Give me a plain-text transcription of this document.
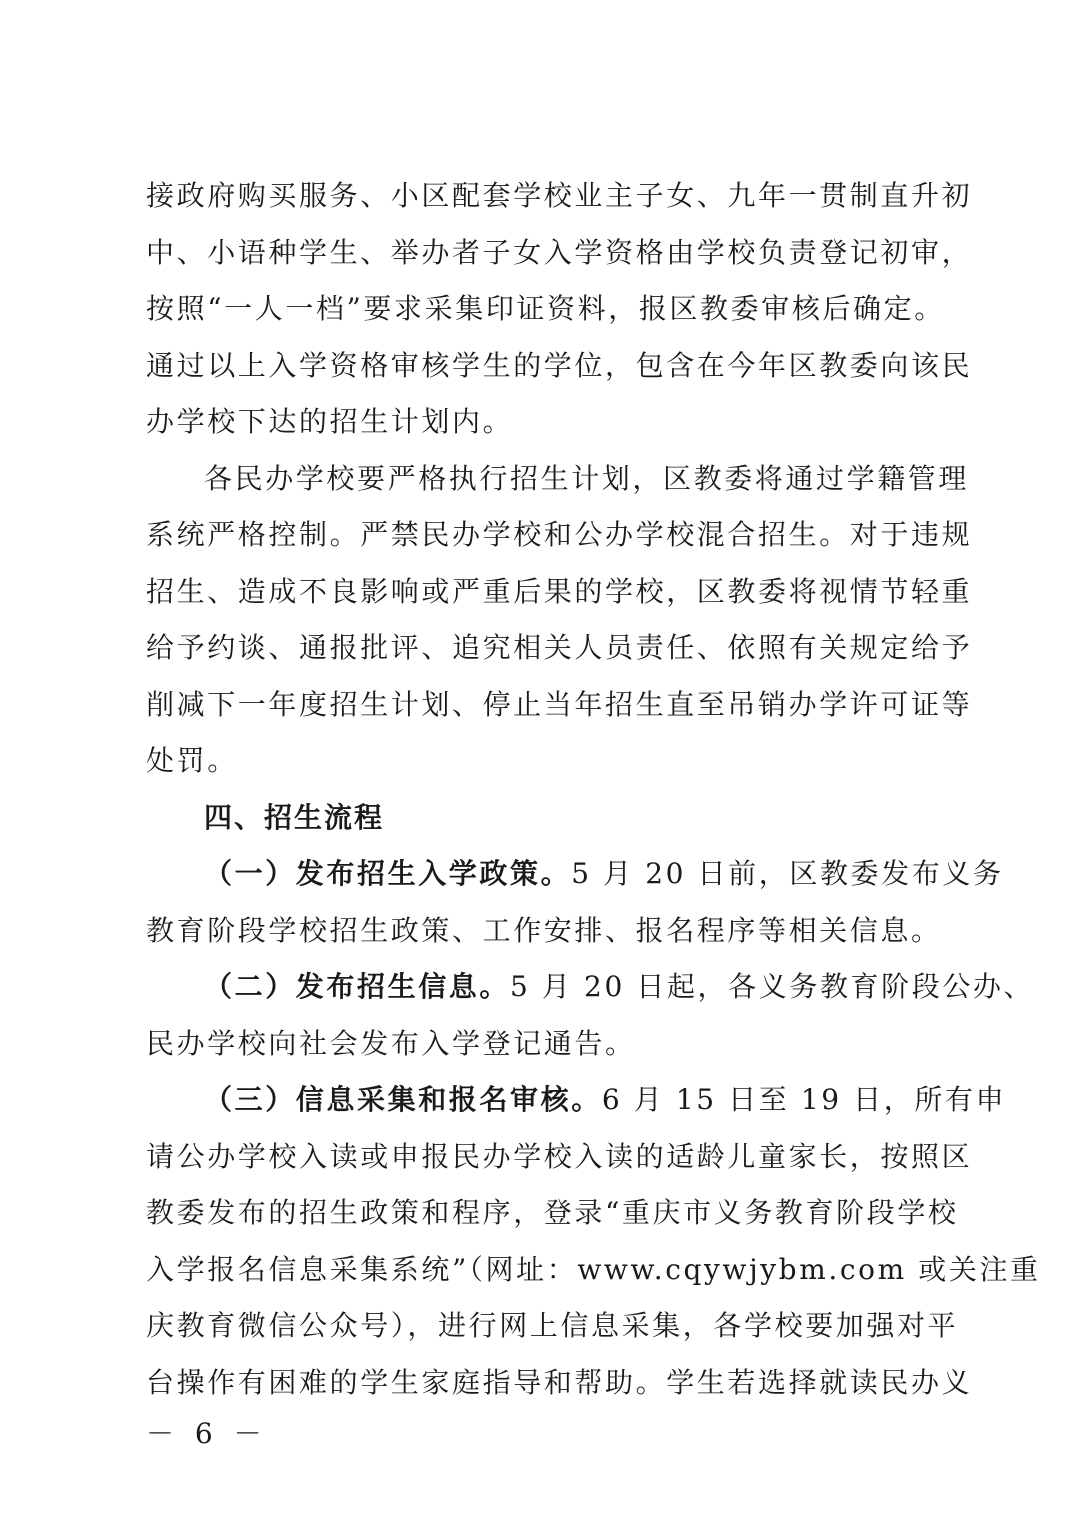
接政府购买服务、小区配套学校业主子女、九年一贯制直升初
中、小语种学生、举办者子女入学资格由学校负责登记初审，
按照“一人一档”要求采集印证资料，报区教委审核后确定。
通过以上入学资格审核学生的学位，包含在今年区教委向该民
办学校下达的招生计划内。

各民办学校要严格执行招生计划，区教委将通过学籍管理
系统严格控制。严禁民办学校和公办学校混合招生。对于违规
招生、造成不良影响或严重后果的学校，区教委将视情节轻重
给予约谈、通报批评、追究相关人员责任、依照有关规定给予
削减下一年度招生计划、停止当年招生直至吊销办学许可证等
处罚。

四、招生流程

（一）发布招生入学政策。5 月 20 日前，区教委发布义务
教育阶段学校招生政策、工作安排、报名程序等相关信息。

（二）发布招生信息。5 月 20 日起，各义务教育阶段公办、
民办学校向社会发布入学登记通告。

（三）信息采集和报名审核。6 月 15 日至 19 日，所有申
请公办学校入读或申报民办学校入读的适龄儿童家长，按照区
教委发布的招生政策和程序，登录“重庆市义务教育阶段学校
入学报名信息采集系统”（网址：www.cqywjybm.com 或关注重
庆教育微信公众号），进行网上信息采集，各学校要加强对平
台操作有困难的学生家庭指导和帮助。学生若选择就读民办义

－ 6 －
